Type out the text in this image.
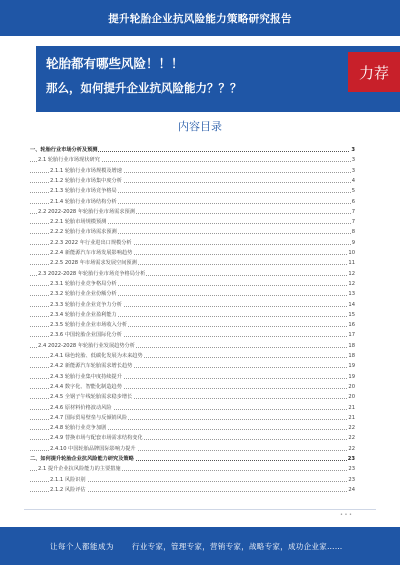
提升轮胎企业抗风险能力策略研究报告
轮胎都有哪些风险！！！
那么，如何提升企业抗风险能力？？？
力荐
内容目录
一、轮胎行业市场分析及预测	3
2.1 轮胎行业市场现状研究	3
2.1.1 轮胎行业市场规模及增速	3
2.1.2 轮胎行业市场集中度分析	4
2.1.3 轮胎行业市场竞争格局	5
2.1.4 轮胎行业市场结构分析	6
2.2 2022-2028 年轮胎行业市场需求预测	7
2.2.1 轮胎市场规模预测	7
2.2.2 轮胎行业市场需求预测	8
2.2.3 2022 年行业进出口规模分析	9
2.2.4 新能源汽车市场发展影响趋势	10
2.2.5 2028 年市场需求发展空间预测	11
2.3 2022-2028 年轮胎行业市场竞争格局分析	12
2.3.1 轮胎行业竞争格局分析	12
2.3.2 轮胎行业企业份额分析	13
2.3.3 轮胎行业企业竞争力分析	14
2.3.4 轮胎行业企业盈利能力	15
2.3.5 轮胎行业企业市场收入分析	16
2.3.6 中国轮胎企业国际化分析	17
2.4 2022-2028 年轮胎行业发展趋势分析	18
2.4.1 绿色轮胎、低碳化发展为未来趋势	18
2.4.2 新能源汽车轮胎需求增长趋势	19
2.4.3 轮胎行业集中度持续提升	19
2.4.4 数字化、智能化制造趋势	20
2.4.5 全钢子午线轮胎需求稳步增长	20
2.4.6 原材料价格波动风险	21
2.4.7 国际贸易壁垒与反倾销风险	21
2.4.8 轮胎行业竞争加剧	22
2.4.9 替换市场与配套市场需求结构变化	22
2.4.10 中国轮胎品牌国际影响力提升	22
二、如何提升轮胎企业抗风险能力研究及策略	23
2.1 提升企业抗风险能力的主要措施	23
2.1.1 风险识别	23
2.1.2 风险评估	24
• • •
让每个人都能成为 行业专家，管理专家，营销专家，战略专家，成功企业家……
